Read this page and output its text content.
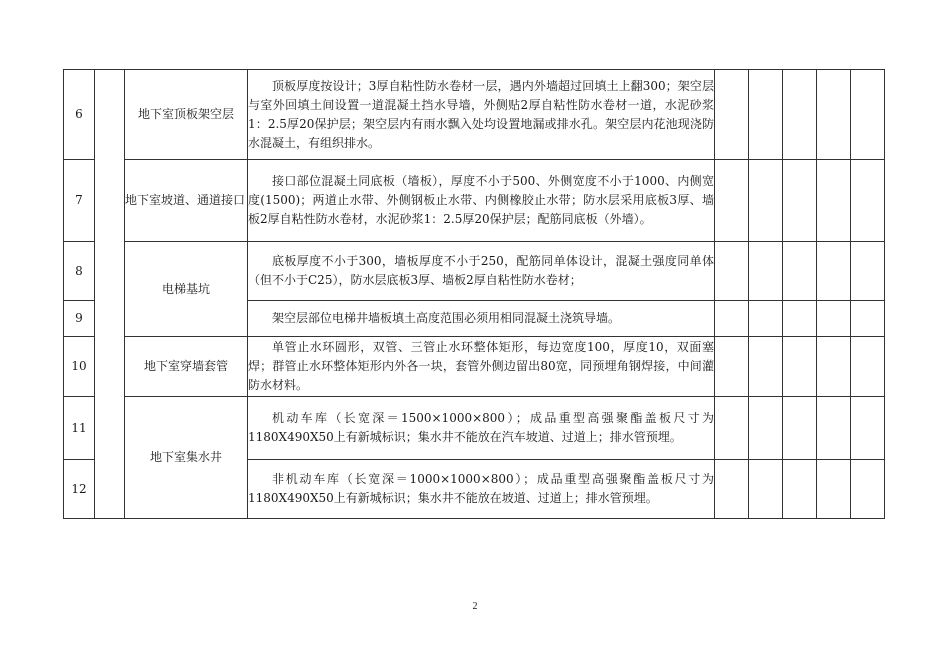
6		地下室顶板架空层	顶板厚度按设计；3厚自粘性防水卷材一层，遇内外墙超过回填土上翻300；架空层与室外回填土间设置一道混凝土挡水导墙，外侧贴2厚自粘性防水卷材一道，水泥砂浆1：2.5厚20保护层；架空层内有雨水飘入处均设置地漏或排水孔。架空层内花池现浇防水混凝土，有组织排水。					
7		地下室坡道、通道接口	接口部位混凝土同底板（墙板），厚度不小于500、外侧宽度不小于1000、内侧宽度(1500)；两道止水带、外侧钢板止水带、内侧橡胶止水带；防水层采用底板3厚、墙板2厚自粘性防水卷材，水泥砂浆1：2.5厚20保护层；配筋同底板（外墙）。					
8		电梯基坑	底板厚度不小于300，墙板厚度不小于250，配筋同单体设计，混凝土强度同单体（但不小于C25），防水层底板3厚、墙板2厚自粘性防水卷材；					
9			架空层部位电梯井墙板填土高度范围必须用相同混凝土浇筑导墙。					
10		地下室穿墙套管	单管止水环圆形，双管、三管止水环整体矩形，每边宽度100，厚度10，双面塞焊；群管止水环整体矩形内外各一块，套管外侧边留出80宽，同预埋角钢焊接，中间灌防水材料。					
11		地下室集水井	机动车库（长宽深＝1500×1000×800）；成品重型高强聚酯盖板尺寸为1180X490X50上有新城标识；集水井不能放在汽车坡道、过道上；排水管预埋。					
12			非机动车库（长宽深＝1000×1000×800）；成品重型高强聚酯盖板尺寸为1180X490X50上有新城标识；集水井不能放在坡道、过道上；排水管预埋。					
2
